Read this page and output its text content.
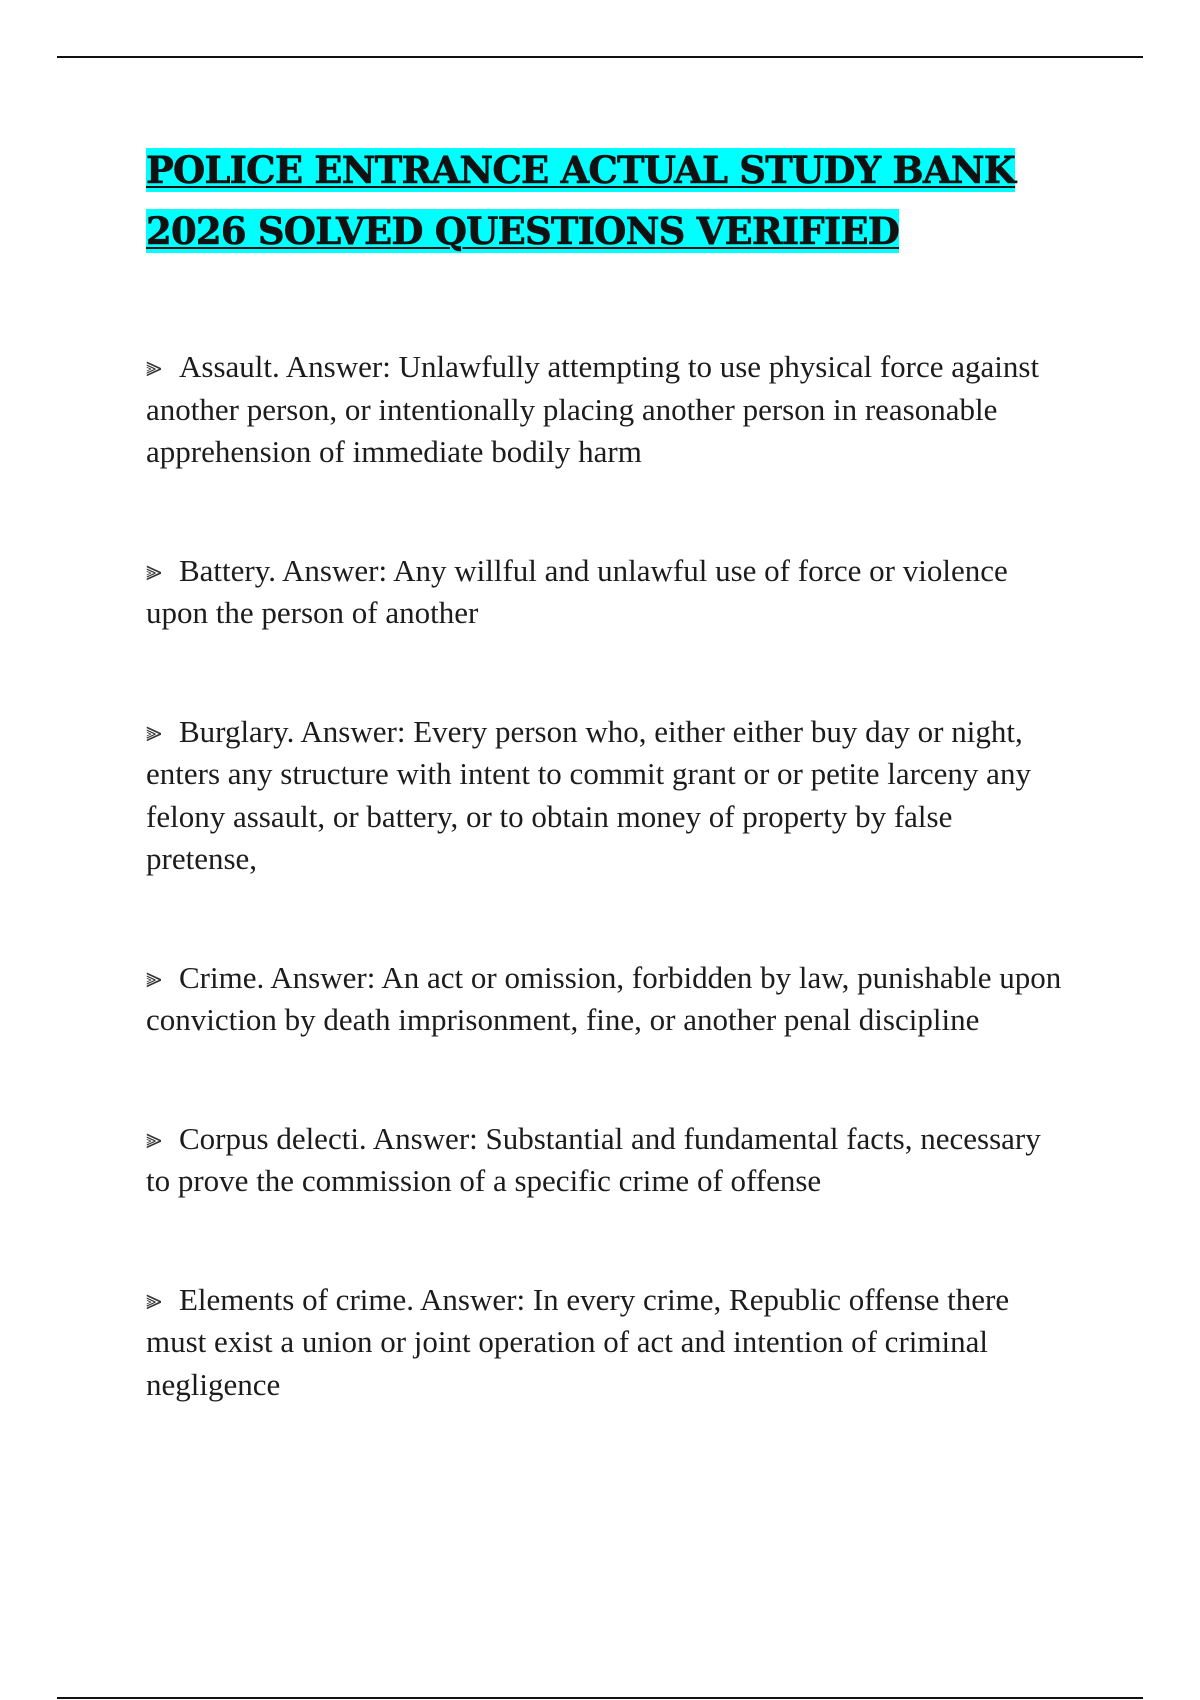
POLICE ENTRANCE ACTUAL STUDY BANK
2026 SOLVED QUESTIONS VERIFIED

⫸ Assault. Answer: Unlawfully attempting to use physical force against another person, or intentionally placing another person in reasonable apprehension of immediate bodily harm

⫸ Battery. Answer: Any willful and unlawful use of force or violence upon the person of another

⫸ Burglary. Answer: Every person who, either either buy day or night, enters any structure with intent to commit grant or or petite larceny any felony assault, or battery, or to obtain money of property by false pretense,

⫸ Crime. Answer: An act or omission, forbidden by law, punishable upon conviction by death imprisonment, fine, or another penal discipline

⫸ Corpus delecti. Answer: Substantial and fundamental facts, necessary to prove the commission of a specific crime of offense

⫸ Elements of crime. Answer: In every crime, Republic offense there must exist a union or joint operation of act and intention of criminal negligence
